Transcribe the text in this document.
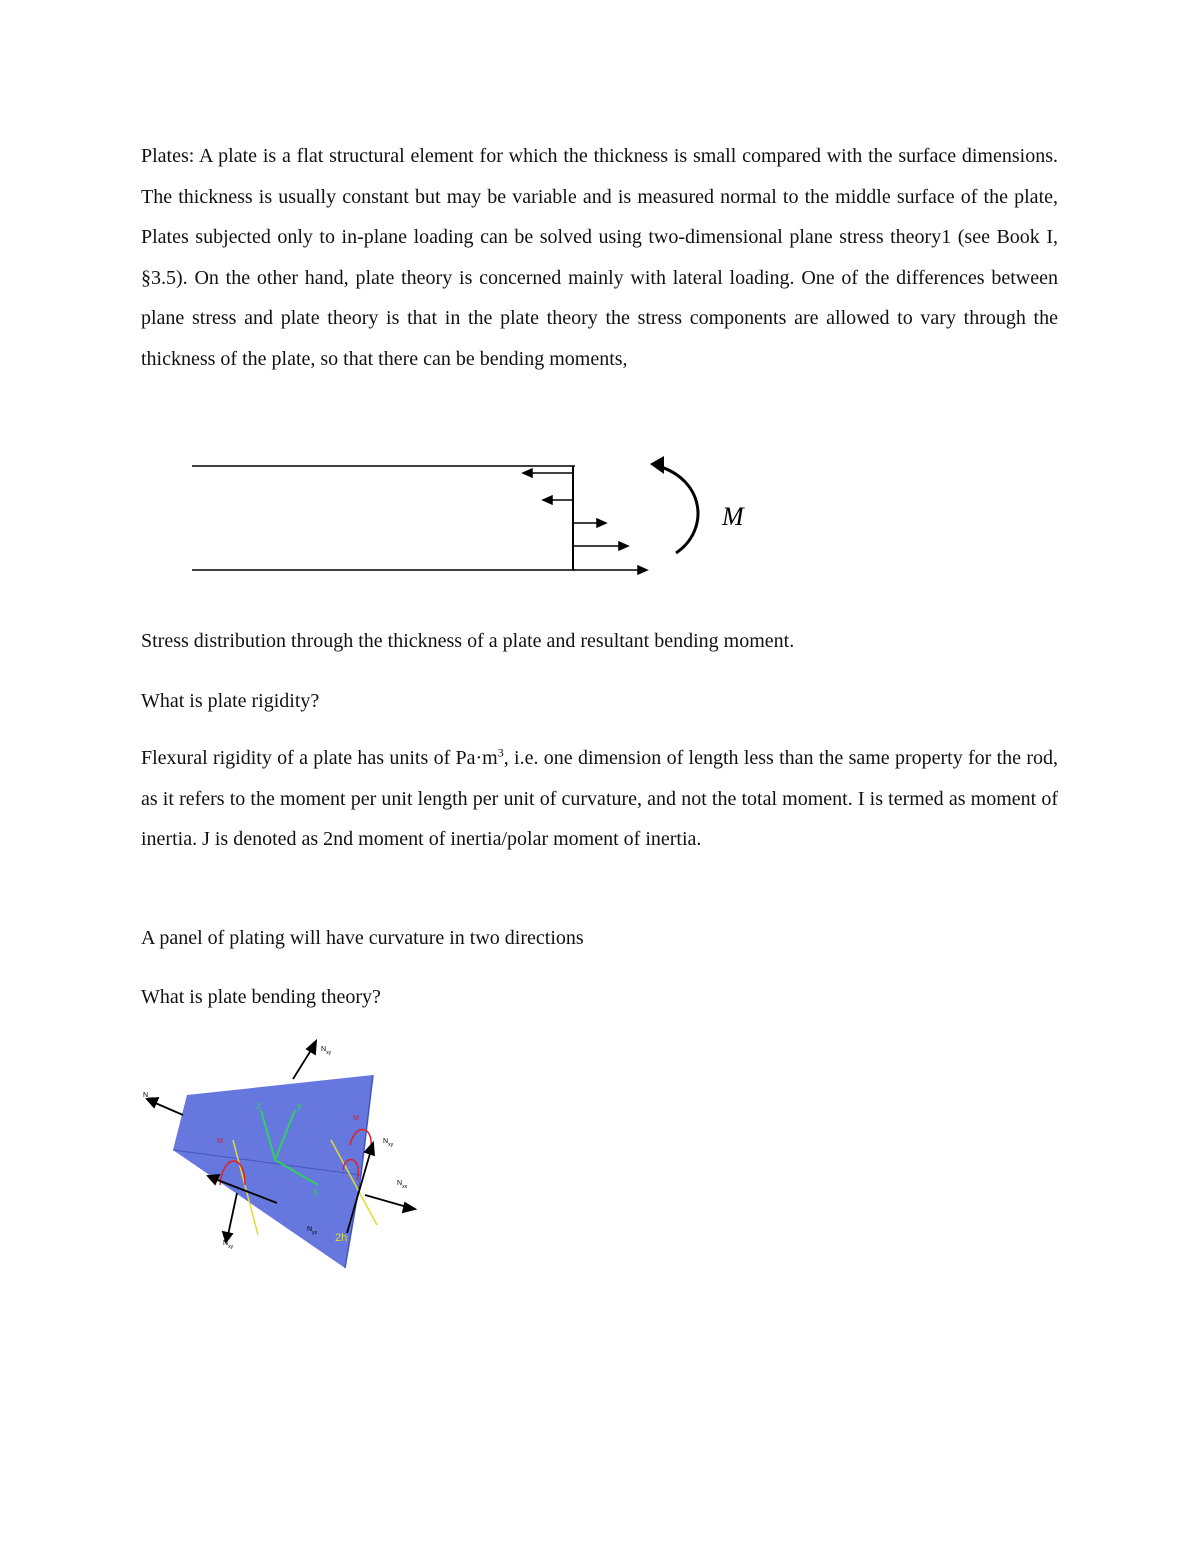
Plates: A plate is a flat structural element for which the thickness is small compared with the surface dimensions. The thickness is usually constant but may be variable and is measured normal to the middle surface of the plate, Plates subjected only to in-plane loading can be solved using two-dimensional plane stress theory1 (see Book I, §3.5). On the other hand, plate theory is concerned mainly with lateral loading. One of the differences between plane stress and plate theory is that in the plate theory the stress components are allowed to vary through the thickness of the plate, so that there can be bending moments,

M

Stress distribution through the thickness of a plate and resultant bending moment.

What is plate rigidity?

Flexural rigidity of a plate has units of $Pa\cdot m^3$, i.e. one dimension of length less than the same property for the rod, as it refers to the moment per unit length per unit of curvature, and not the total moment. I is termed as moment of inertia. J is denoted as 2nd moment of inertia/polar moment of inertia.

A panel of plating will have curvature in two directions

What is plate bending theory?

z	y
x
M
M
$N_{xy}$
$N_{xx}$
$N_{xy}$
$N_{xx}$
$N_{xy}$
$N_{yx}$ 2h
